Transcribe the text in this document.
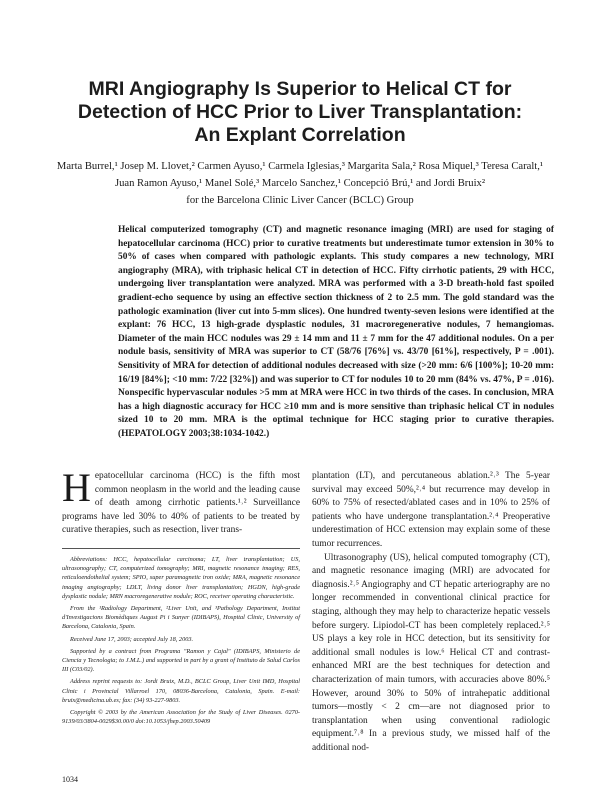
MRI Angiography Is Superior to Helical CT for
Detection of HCC Prior to Liver Transplantation:
An Explant Correlation
Marta Burrel,¹ Josep M. Llovet,² Carmen Ayuso,¹ Carmela Iglesias,³ Margarita Sala,² Rosa Miquel,³ Teresa Caralt,¹
Juan Ramon Ayuso,¹ Manel Solé,³ Marcelo Sanchez,¹ Concepció Brú,¹ and Jordi Bruix²
for the Barcelona Clinic Liver Cancer (BCLC) Group
Helical computerized tomography (CT) and magnetic resonance imaging (MRI) are used for staging of hepatocellular carcinoma (HCC) prior to curative treatments but underestimate tumor extension in 30% to 50% of cases when compared with pathologic explants. This study compares a new technology, MRI angiography (MRA), with triphasic helical CT in detection of HCC. Fifty cirrhotic patients, 29 with HCC, undergoing liver transplantation were analyzed. MRA was performed with a 3-D breath-hold fast spoiled gradient-echo sequence by using an effective section thickness of 2 to 2.5 mm. The gold standard was the pathologic examination (liver cut into 5-mm slices). One hundred twenty-seven lesions were identified at the explant: 76 HCC, 13 high-grade dysplastic nodules, 31 macroregenerative nodules, 7 hemangiomas. Diameter of the main HCC nodules was 29 ± 14 mm and 11 ± 7 mm for the 47 additional nodules. On a per nodule basis, sensitivity of MRA was superior to CT (58/76 [76%] vs. 43/70 [61%], respectively, P = .001). Sensitivity of MRA for detection of additional nodules decreased with size (>20 mm: 6/6 [100%]; 10-20 mm: 16/19 [84%]; <10 mm: 7/22 [32%]) and was superior to CT for nodules 10 to 20 mm (84% vs. 47%, P = .016). Nonspecific hypervascular nodules >5 mm at MRA were HCC in two thirds of the cases. In conclusion, MRA has a high diagnostic accuracy for HCC ≥10 mm and is more sensitive than triphasic helical CT in nodules sized 10 to 20 mm. MRA is the optimal technique for HCC staging prior to curative therapies. (HEPATOLOGY 2003;38:1034-1042.)

Hepatocellular carcinoma (HCC) is the fifth most common neoplasm in the world and the leading cause of death among cirrhotic patients.¹˒² Surveillance programs have led 30% to 40% of patients to be treated by curative therapies, such as resection, liver trans-

Abbreviations: HCC, hepatocellular carcinoma; LT, liver transplantation; US, ultrasonography; CT, computerized tomography; MRI, magnetic resonance imaging; RES, reticuloendothelial system; SPIO, super paramagnetic iron oxide; MRA, magnetic resonance imaging angiography; LDLT, living donor liver transplantation; HGDN, high-grade dysplastic nodule; MRN macroregenerative nodule; ROC, receiver operating characteristic.

From the ¹Radiology Department, ²Liver Unit, and ³Pathology Department, Institut d'Investigacions Biomèdiques August Pi i Sunyer (IDIBAPS), Hospital Clinic, University of Barcelona, Catalonia, Spain.

Received June 17, 2003; accepted July 18, 2003.

Supported by a contract from Programa "Ramon y Cajal" (IDIBAPS, Ministerio de Ciencia y Tecnologia; to J.M.L.) and supported in part by a grant of Instituto de Salud Carlos III (C03/02).

Address reprint requests to: Jordi Bruix, M.D., BCLC Group, Liver Unit IMD, Hospital Clinic i Provincial Villarroel 170, 08036-Barcelona, Catalonia, Spain. E-mail: bruix@medicina.ub.es; fax: (34) 93-227-9803.

Copyright © 2003 by the American Association for the Study of Liver Diseases. 0270-9139/03/3804-0029$30.00/0 doi:10.1053/jhep.2003.50409

plantation (LT), and percutaneous ablation.²˒³ The 5-year survival may exceed 50%,²˒⁴ but recurrence may develop in 60% to 75% of resected/ablated cases and in 10% to 25% of patients who have undergone transplantation.²˒⁴ Preoperative underestimation of HCC extension may explain some of these tumor recurrences.

Ultrasonography (US), helical computed tomography (CT), and magnetic resonance imaging (MRI) are advocated for diagnosis.²˒⁵ Angiography and CT hepatic arteriography are no longer recommended in conventional clinical practice for staging, although they may help to characterize hepatic vessels before surgery. Lipiodol-CT has been completely replaced.²˒⁵ US plays a key role in HCC detection, but its sensitivity for additional small nodules is low.⁶ Helical CT and contrast-enhanced MRI are the best techniques for detection and characterization of main tumors, with accuracies above 80%.⁵ However, around 30% to 50% of intrahepatic additional tumors—mostly < 2 cm—are not diagnosed prior to transplantation when using conventional radiologic equipment.⁷˒⁸ In a previous study, we missed half of the additional nod-

1034
